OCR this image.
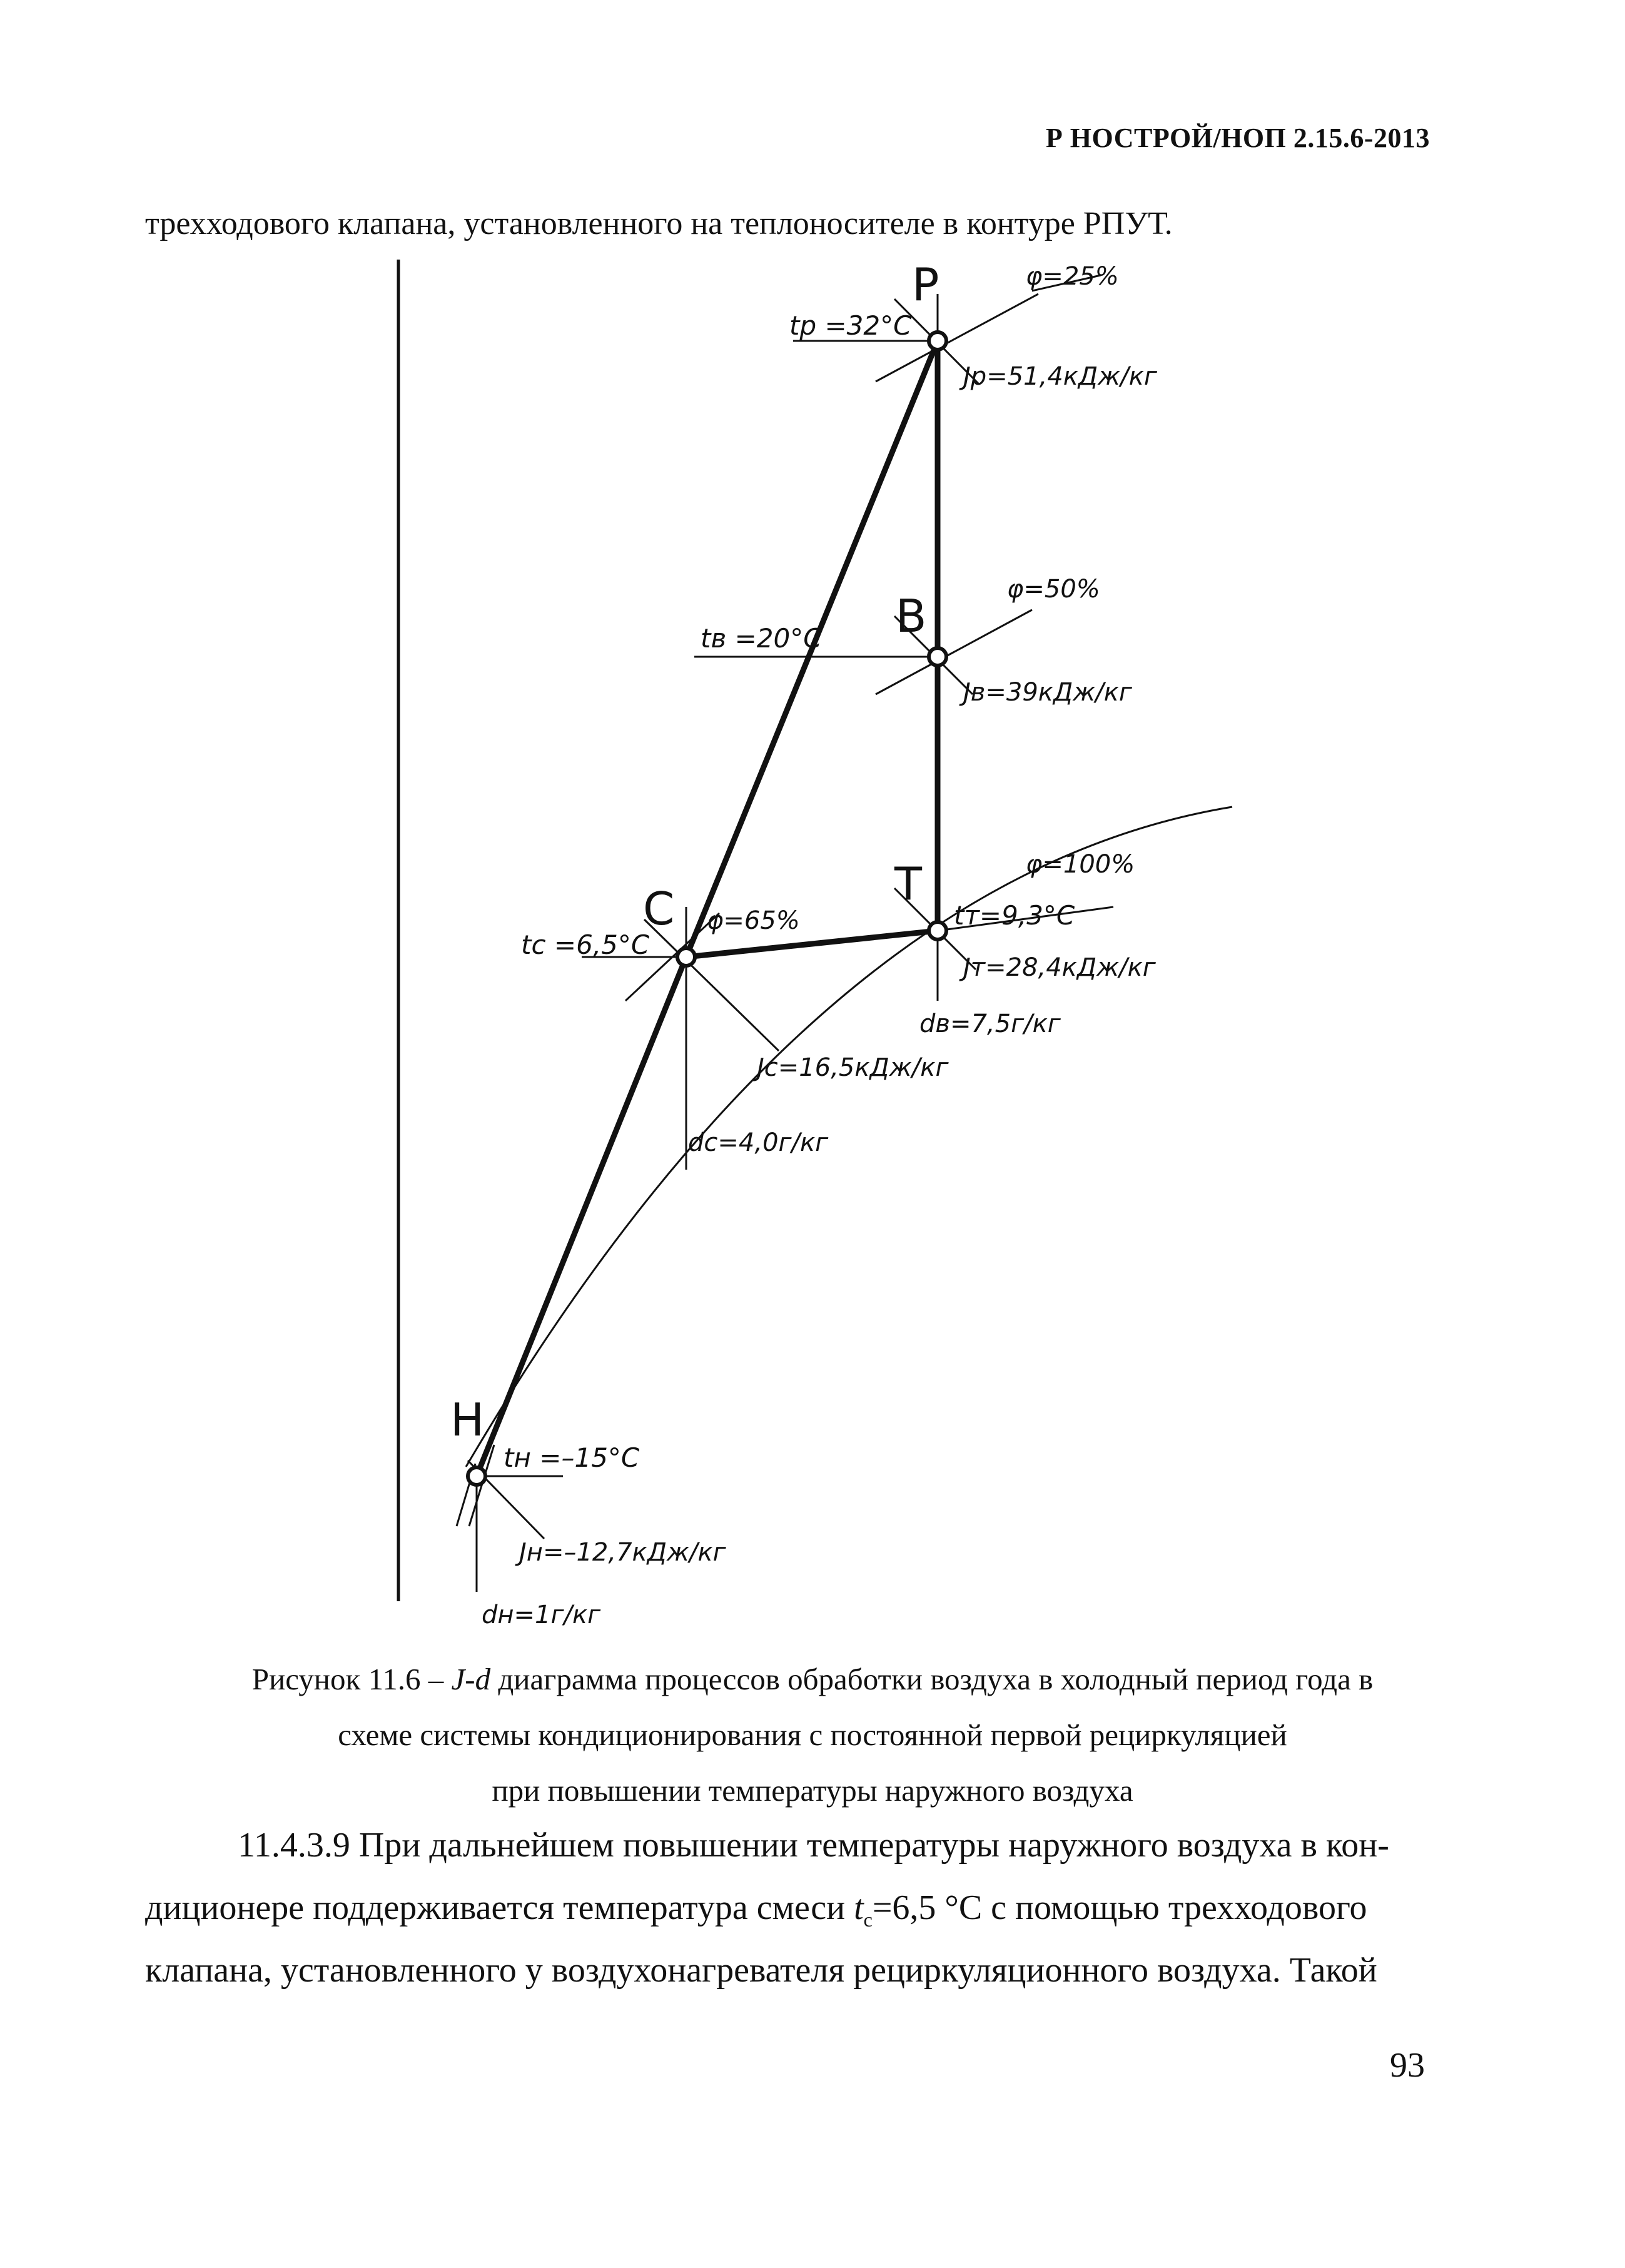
Р НОСТРОЙ/НОП 2.15.6-2013
трехходового клапана, установленного на теплоносителе в контуре РПУТ.
P
B
T
C
H
φ=25%
φ=50%
φ=65%
φ=100%
tр =32°С
tв =20°С
tт=9,3°С
tс =6,5°С
tн =–15°С
Jр=51,4кДж/кг
Jв=39кДж/кг
Jт=28,4кДж/кг
Jс=16,5кДж/кг
Jн=–12,7кДж/кг
dв=7,5г/кг
dс=4,0г/кг
dн=1г/кг
Рисунок 11.6 – J-d диаграмма процессов обработки воздуха в холодный период года в
схеме системы кондиционирования с постоянной первой рециркуляцией
при повышении температуры наружного воздуха
11.4.3.9 При дальнейшем повышении температуры наружного воздуха в кон-
диционере поддерживается температура смеси $t_с=6,5$ °С с помощью трехходового
клапана, установленного у воздухонагревателя рециркуляционного воздуха. Такой
93
